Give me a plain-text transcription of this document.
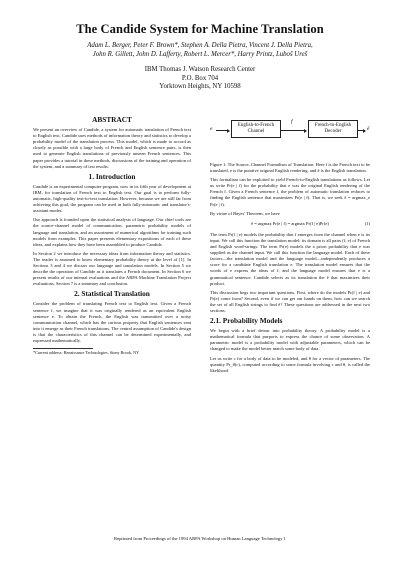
The Candide System for Machine Translation
Adam L. Berger, Peter F. Brown*, Stephen A. Della Pietra, Vincent J. Della Pietra,
John R. Gillett, John D. Lafferty, Robert L. Mercer*, Harry Printz, Luboš Ureš
IBM Thomas J. Watson Research Center
P.O. Box 704
Yorktown Heights, NY 10598
ABSTRACT

We present an overview of Candide, a system for automatic translation of French text to English text. Candide uses methods of information theory and statistics to develop a probability model of the translation process. This model, which is made to accord as closely as possible with a large body of French and English sentence pairs, is then used to generate English translations of previously unseen French sentences. This paper provides a tutorial in these methods, discussions of the training and operation of the system, and a summary of test results.

1. Introduction

Candide is an experimental computer program, now in its fifth year of development at IBM, for translation of French text to English text. Our goal is to perform fully-automatic, high-quality text-to-text translation. However, because we are still far from achieving this goal, the program can be used in both fully-automatic and translator's-assistant modes.

Our approach is founded upon the statistical analysis of language. Our chief tools are the source-channel model of communication, parametric probability models of language and translation, and an assortment of numerical algorithms for training such models from examples. This paper presents elementary expositions of each of these ideas, and explains how they have been assembled to produce Candide.

In Section 2 we introduce the necessary ideas from information theory and statistics. The reader is assumed to know elementary probability theory at the level of [1]. In Sections 3 and 4 we discuss our language and translation models. In Section 5 we describe the operation of Candide as it translates a French document. In Section 6 we present results of our internal evaluations and the ARPA Machine Translation Project evaluations. Section 7 is a summary and conclusion.

2. Statistical Translation

Consider the problem of translating French text to English text. Given a French sentence f, we imagine that it was originally rendered as an equivalent English sentence e. To obtain the French, the English was transmitted over a noisy communication channel, which has the curious property that English sentences sent into it emerge as their French translations. The central assumption of Candide's design is that the characteristics of this channel can be determined experimentally, and expressed mathematically.

*Current address: Renaissance Technologies, Stony Brook, NY
e
English-to-French Channel
f
French-to-English Decoder	ê

Figure 1: The Source–Channel Formalism of Translation. Here f is the French text to be translated, e is the putative original English rendering, and ê is the English translation.

This formalism can be exploited to yield French-to-English translations as follows. Let us write Pr(e | f) for the probability that e was the original English rendering of the French f. Given a French sentence f, the problem of automatic translation reduces to finding the English sentence that maximizes Pr(e | f). That is, we seek ê = argmax_e Pr(e | f).

By virtue of Bayes' Theorem, we have

ê = argmax Pr(e | f) = argmax Pr(f | e)Pr(e)	(1)

The term Pr(f | e) models the probability that f emerges from the channel when e is its input. We call this function the translation model; its domain is all pairs (f, e) of French and English word-strings. The term Pr(e) models the a priori probability that e was supplied as the channel input. We call this function the language model. Each of these factors—the translation model and the language model—independently produces a score for a candidate English translation e. The translation model ensures that the words of e express the ideas of f, and the language model ensures that e is a grammatical sentence. Candide selects as its translation the ê that maximizes their product.

This discussion begs two important questions. First, where do the models Pr(f | e) and Pr(e) come from? Second, even if we can get our hands on them, how can we search the set of all English strings to find ê? These questions are addressed in the next two sections.

2.1. Probability Models

We begin with a brief detour into probability theory. A probability model is a mathematical formula that purports to express the chance of some observation. A parametric model is a probability model with adjustable parameters, which can be changed to make the model better match some body of data.

Let us write c for a body of data to be modeled, and θ for a vector of parameters. The quantity Pr_θ(c), computed according to some formula involving c and θ, is called the likelihood

Reprinted from Proceedings of the 1994 ARPA Workshop on Human Language Technology 1
